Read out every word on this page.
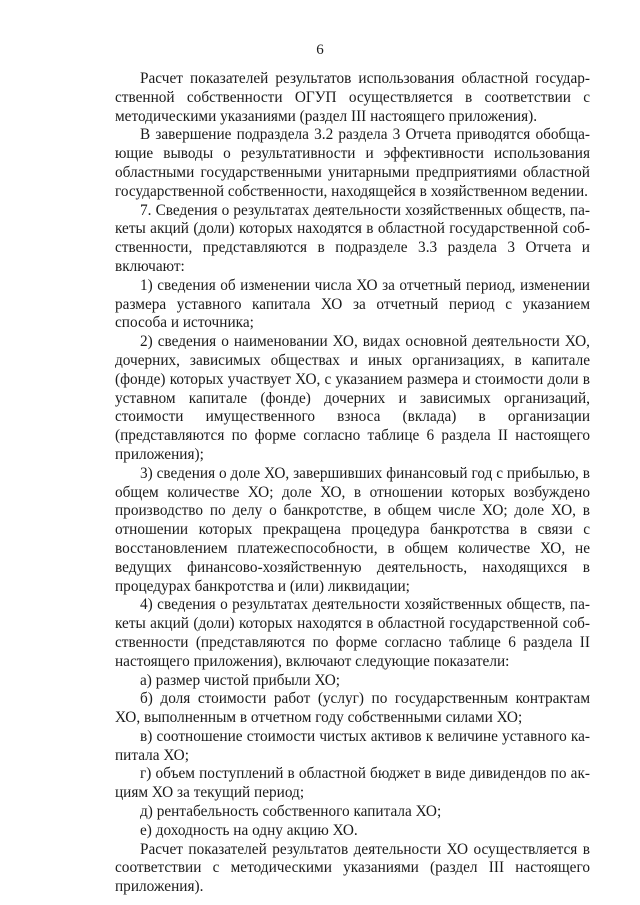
6

Расчет показателей результатов использования областной государственной собственности ОГУП осуществляется в соответствии с методическими указаниями (раздел III настоящего приложения).

В завершение подраздела 3.2 раздела 3 Отчета приводятся обобщающие выводы о результативности и эффективности использования областными государственными унитарными предприятиями областной государственной собственности, находящейся в хозяйственном ведении.

7. Сведения о результатах деятельности хозяйственных обществ, пакеты акций (доли) которых находятся в областной государственной собственности, представляются в подразделе 3.3 раздела 3 Отчета и включают:

1) сведения об изменении числа ХО за отчетный период, изменении размера уставного капитала ХО за отчетный период с указанием способа и источника;

2) сведения о наименовании ХО, видах основной деятельности ХО, дочерних, зависимых обществах и иных организациях, в капитале (фонде) которых участвует ХО, с указанием размера и стоимости доли в уставном капитале (фонде) дочерних и зависимых организаций, стоимости имущественного взноса (вклада) в организации (представляются по форме согласно таблице 6 раздела II настоящего приложения);

3) сведения о доле ХО, завершивших финансовый год с прибылью, в общем количестве ХО; доле ХО, в отношении которых возбуждено производство по делу о банкротстве, в общем числе ХО; доле ХО, в отношении которых прекращена процедура банкротства в связи с восстановлением платежеспособности, в общем количестве ХО, не ведущих финансово-хозяйственную деятельность, находящихся в процедурах банкротства и (или) ликвидации;

4) сведения о результатах деятельности хозяйственных обществ, пакеты акций (доли) которых находятся в областной государственной собственности (представляются по форме согласно таблице 6 раздела II настоящего приложения), включают следующие показатели:

а) размер чистой прибыли ХО;

б) доля стоимости работ (услуг) по государственным контрактам ХО, выполненным в отчетном году собственными силами ХО;

в) соотношение стоимости чистых активов к величине уставного капитала ХО;

г) объем поступлений в областной бюджет в виде дивидендов по акциям ХО за текущий период;

д) рентабельность собственного капитала ХО;

е) доходность на одну акцию ХО.

Расчет показателей результатов деятельности ХО осуществляется в соответствии с методическими указаниями (раздел III настоящего приложения).
